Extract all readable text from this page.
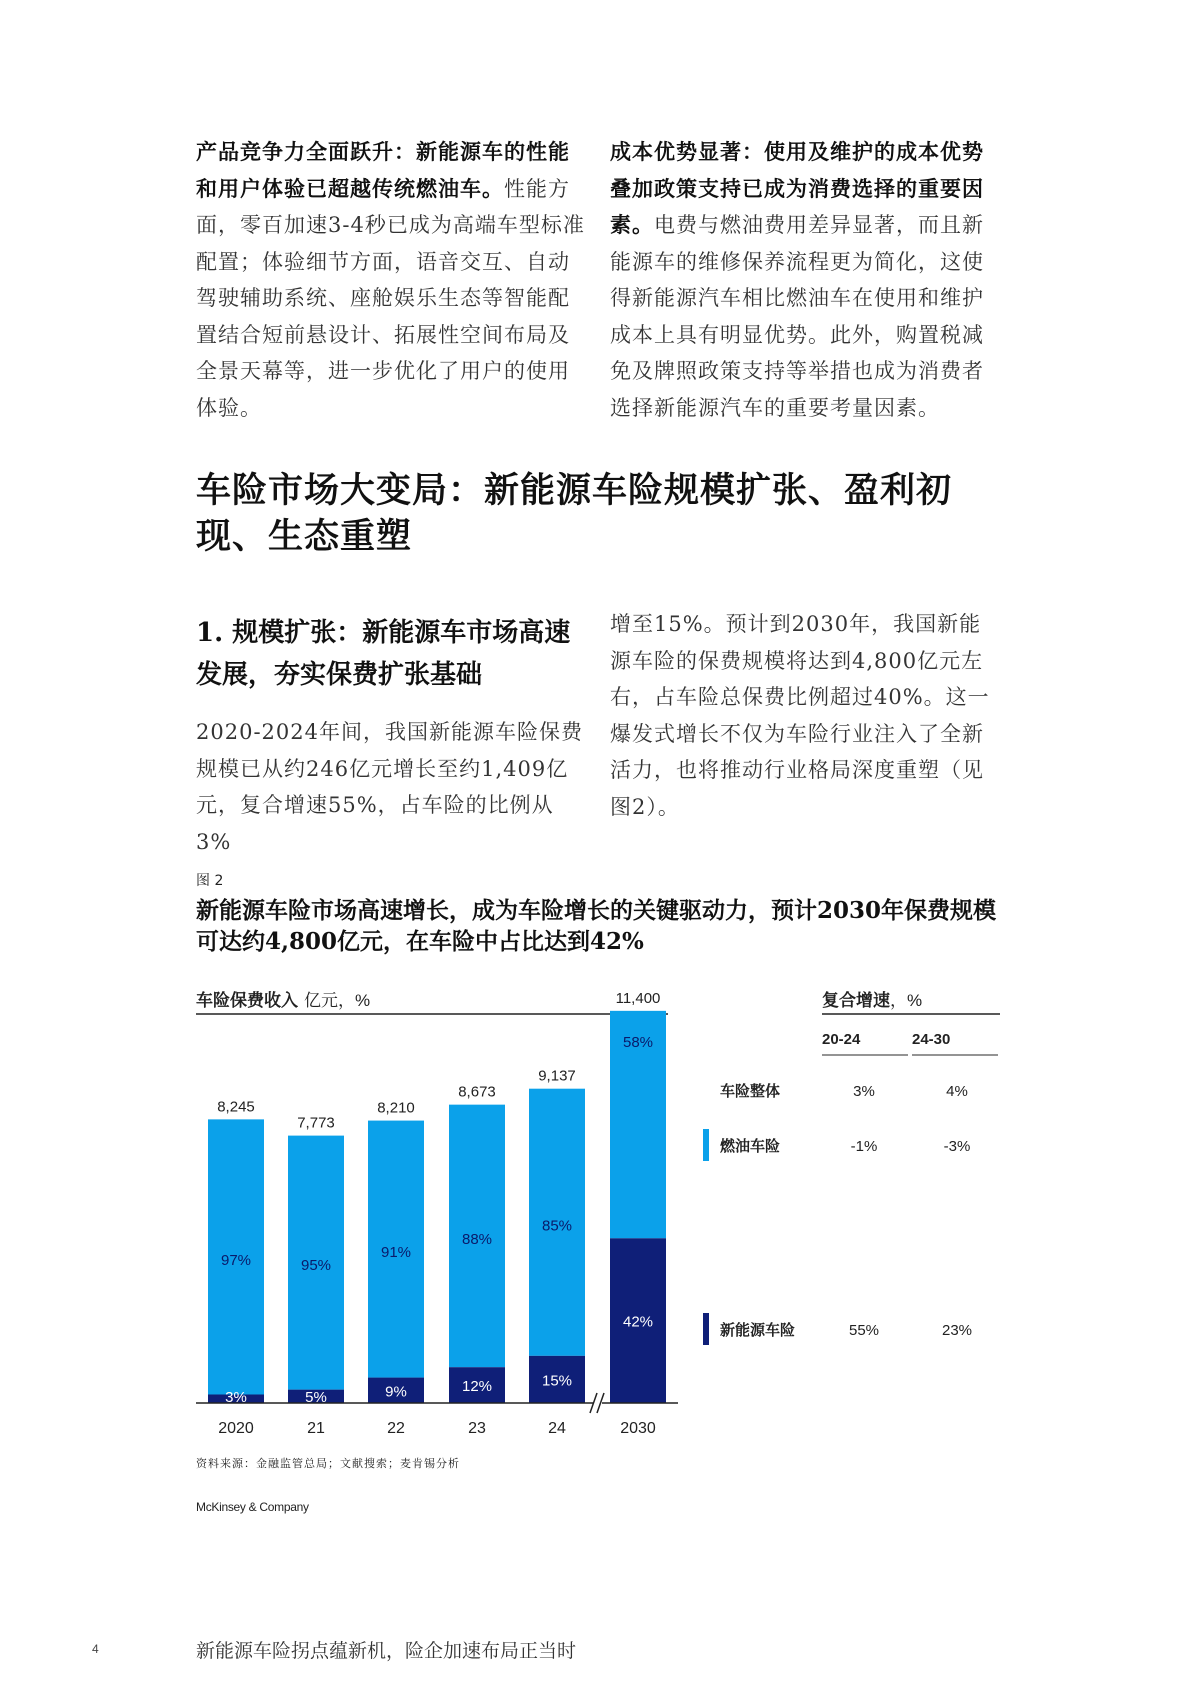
产品竞争力全面跃升：新能源车的性能和用户体验已超越传统燃油车。性能方面，零百加速3-4秒已成为高端车型标准配置；体验细节方面，语音交互、自动驾驶辅助系统、座舱娱乐生态等智能配置结合短前悬设计、拓展性空间布局及全景天幕等，进一步优化了用户的使用体验。

成本优势显著：使用及维护的成本优势叠加政策支持已成为消费选择的重要因素。电费与燃油费用差异显著，而且新能源车的维修保养流程更为简化，这使得新能源汽车相比燃油车在使用和维护成本上具有明显优势。此外，购置税减免及牌照政策支持等举措也成为消费者选择新能源汽车的重要考量因素。

车险市场大变局：新能源车险规模扩张、盈利初现、生态重塑
1. 规模扩张：新能源车市场高速发展，夯实保费扩张基础

2020-2024年间，我国新能源车险保费规模已从约246亿元增长至约1,409亿元，复合增速55%，占车险的比例从3%

增至15%。预计到2030年，我国新能源车险的保费规模将达到4,800亿元左右，占车险总保费比例超过40%。这一爆发式增长不仅为车险行业注入了全新活力，也将推动行业格局深度重塑（见图2）。

图 2
新能源车险市场高速增长，成为车险增长的关键驱动力，预计2030年保费规模可达约4,800亿元，在车险中占比达到42%
车险保费收入 亿元，%	复合增速，%
8,245
97%
3%
2020
7,773
95%
5%
21
8,210
91%
9%
22
8,673
88%
12%
23
9,137
85%
15%
24
11,400
58%
42%
2030
20-24	24-30
车险整体	3%	4%
燃油车险	-1%	-3%
新能源车险	55%	23%
资料来源：金融监管总局；文献搜索；麦肯锡分析
McKinsey & Company
4	新能源车险拐点蕴新机，险企加速布局正当时
